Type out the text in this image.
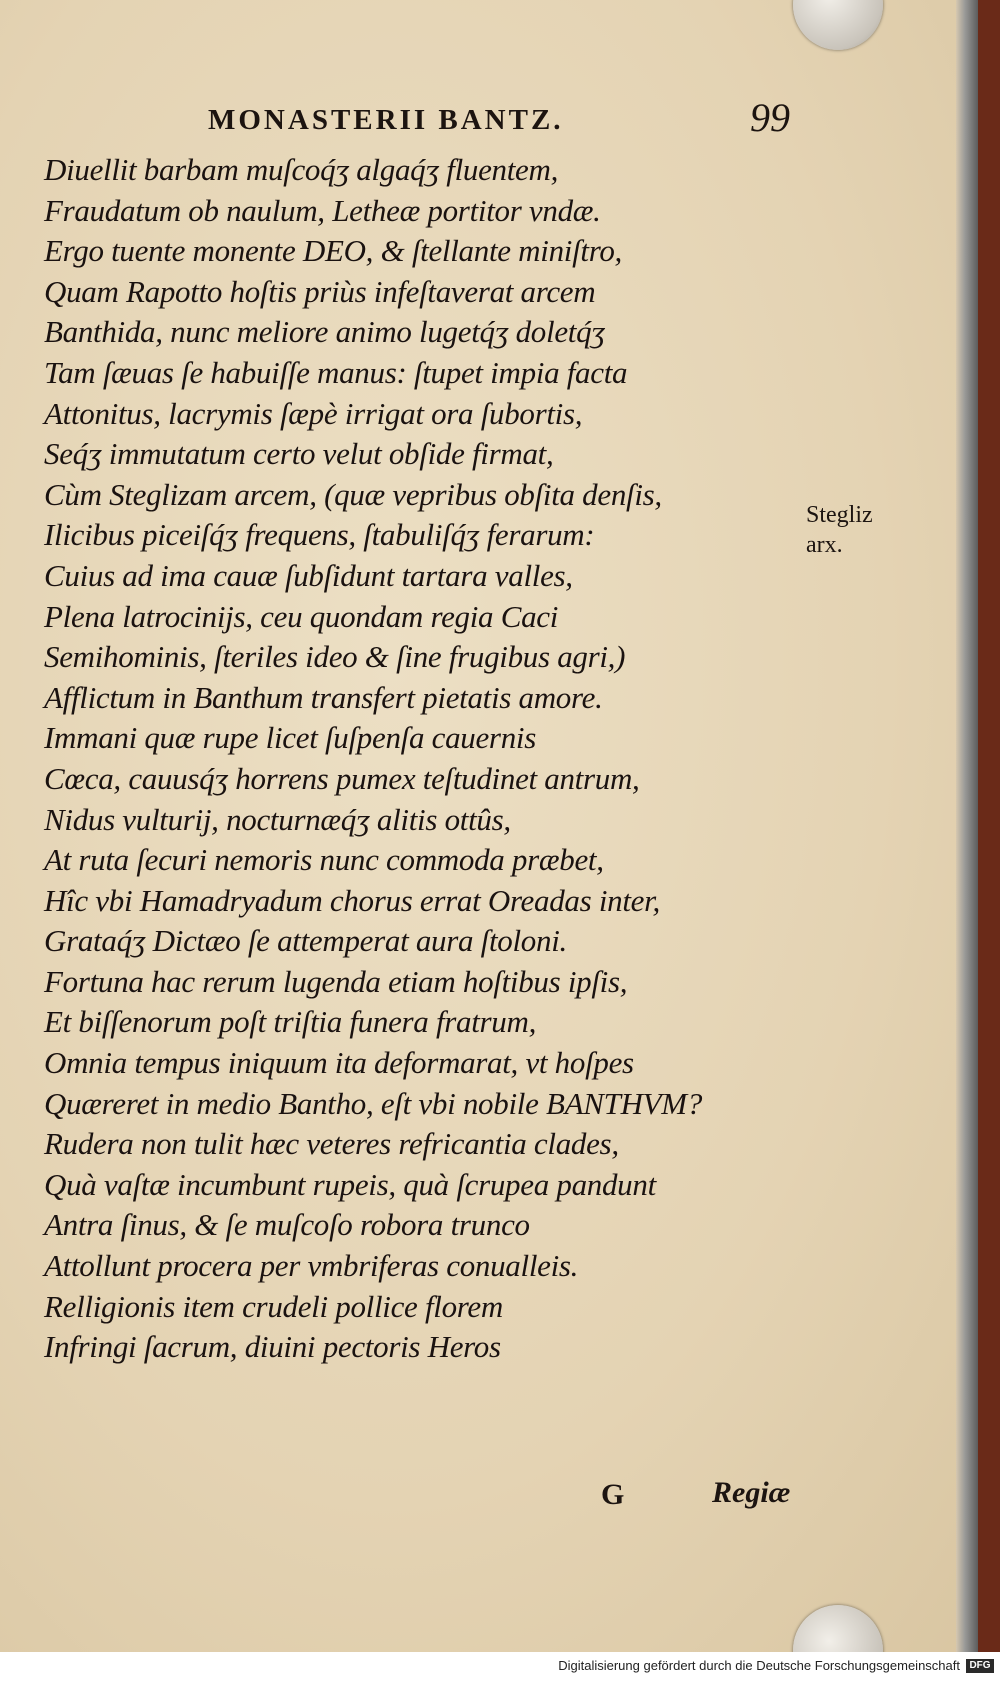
MONASTERII BANTZ.	99
Diuellit barbam muſcoq́ʒ algaq́ʒ fluentem,
Fraudatum ob naulum, Letheæ portitor vndæ.
Ergo tuente monente DEO, & ſtellante miniſtro,
Quam Rapotto hoſtis priùs infeſtaverat arcem
Banthida, nunc meliore animo lugetq́ʒ doletq́ʒ
Tam ſæuas ſe habuiſſe manus: ſtupet impia facta
Attonitus, lacrymis ſæpè irrigat ora ſubortis,
Seq́ʒ immutatum certo velut obſide firmat,
Cùm Steglizam arcem, (quæ vepribus obſita denſis,
Ilicibus piceiſq́ʒ frequens, ſtabuliſq́ʒ ferarum:
Cuius ad ima cauæ ſubſidunt tartara valles,
Plena latrocinijs, ceu quondam regia Caci
Semihominis, ſteriles ideo & ſine frugibus agri,)
Afflictum in Banthum transfert pietatis amore.
Immani quæ rupe licet ſuſpenſa cauernis
Cœca, cauusq́ʒ horrens pumex teſtudinet antrum,
Nidus vulturij, nocturnæq́ʒ alitis ottûs,
At ruta ſecuri nemoris nunc commoda præbet,
Hîc vbi Hamadryadum chorus errat Oreadas inter,
Grataq́ʒ Dictæo ſe attemperat aura ſtoloni.
Fortuna hac rerum lugenda etiam hoſtibus ipſis,
Et biſſenorum poſt triſtia funera fratrum,
Omnia tempus iniquum ita deformarat, vt hoſpes
Quæreret in medio Bantho, eſt vbi nobile BANTHVM?
Rudera non tulit hæc veteres refricantia clades,
Quà vaſtæ incumbunt rupeis, quà ſcrupea pandunt
Antra ſinus, & ſe muſcoſo robora trunco
Attollunt procera per vmbriferas conualleis.
Relligionis item crudeli pollice florem
Infringi ſacrum, diuini pectoris Heros
Stegliz
arx.
G	Regiæ
Digitalisierung gefördert durch die Deutsche Forschungsgemeinschaft DFG
